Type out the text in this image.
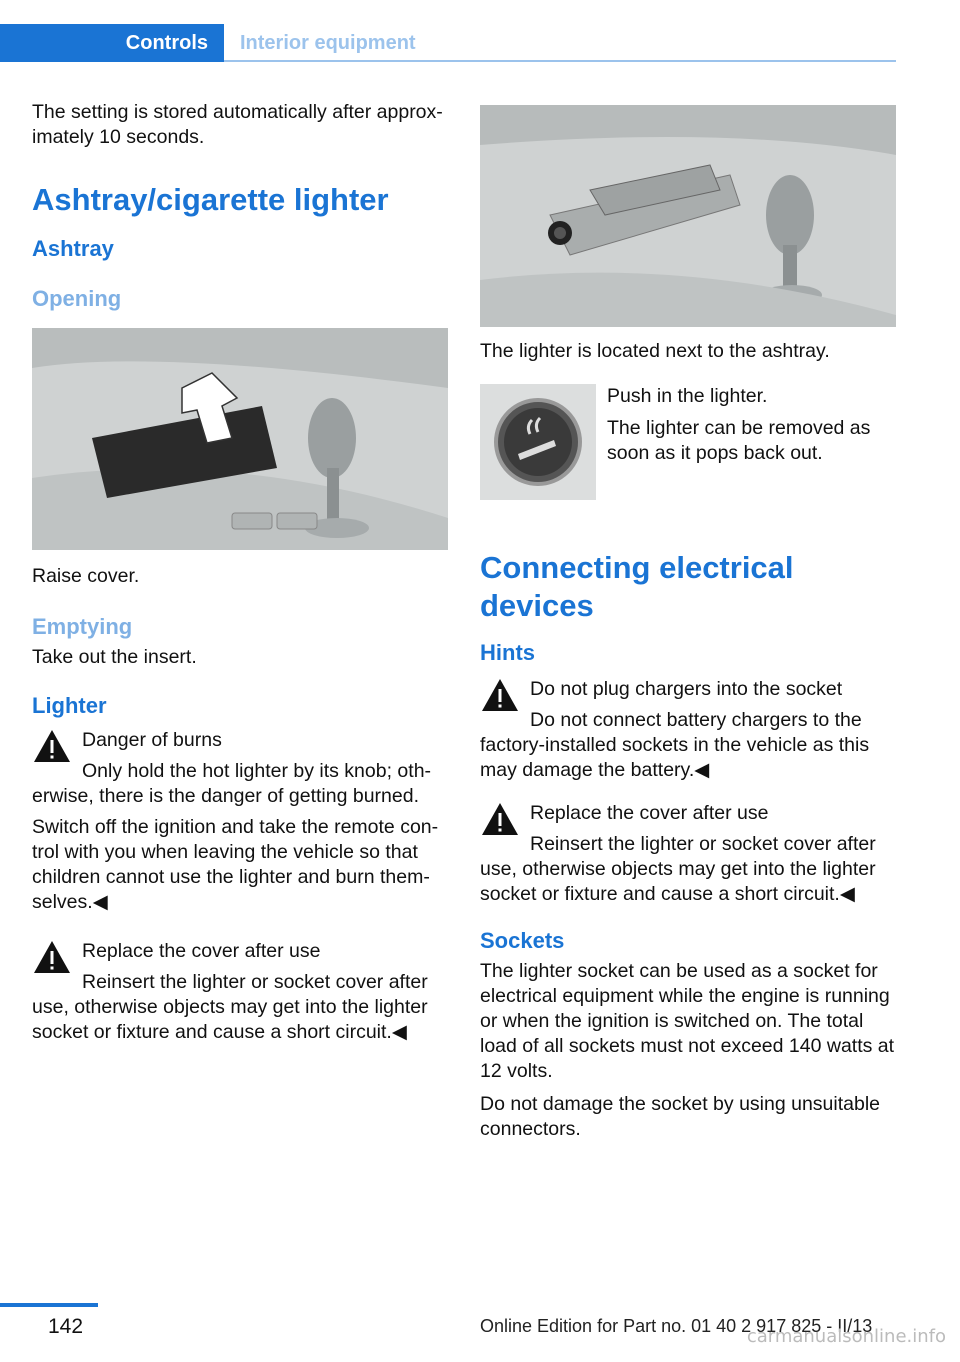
Controls	Interior equipment

The setting is stored automatically after approximately 10 seconds.

Ashtray/cigarette lighter
Ashtray
Opening

Raise cover.

Emptying

Take out the insert.

Lighter

Danger of burns

Only hold the hot lighter by its knob; otherwise, there is the danger of getting burned.

Switch off the ignition and take the remote control with you when leaving the vehicle so that children cannot use the lighter and burn themselves.◀

Replace the cover after use

Reinsert the lighter or socket cover after use, otherwise objects may get into the lighter socket or fixture and cause a short circuit.◀

The lighter is located next to the ashtray.

Push in the lighter.

The lighter can be removed as soon as it pops back out.

Connecting electrical devices
Hints

Do not plug chargers into the socket

Do not connect battery chargers to the factory-installed sockets in the vehicle as this may damage the battery.◀

Replace the cover after use

Reinsert the lighter or socket cover after use, otherwise objects may get into the lighter socket or fixture and cause a short circuit.◀

Sockets

The lighter socket can be used as a socket for electrical equipment while the engine is running or when the ignition is switched on. The total load of all sockets must not exceed 140 watts at 12 volts.

Do not damage the socket by using unsuitable connectors.

142	Online Edition for Part no. 01 40 2 917 825 - II/13
carmanualsonline.info
